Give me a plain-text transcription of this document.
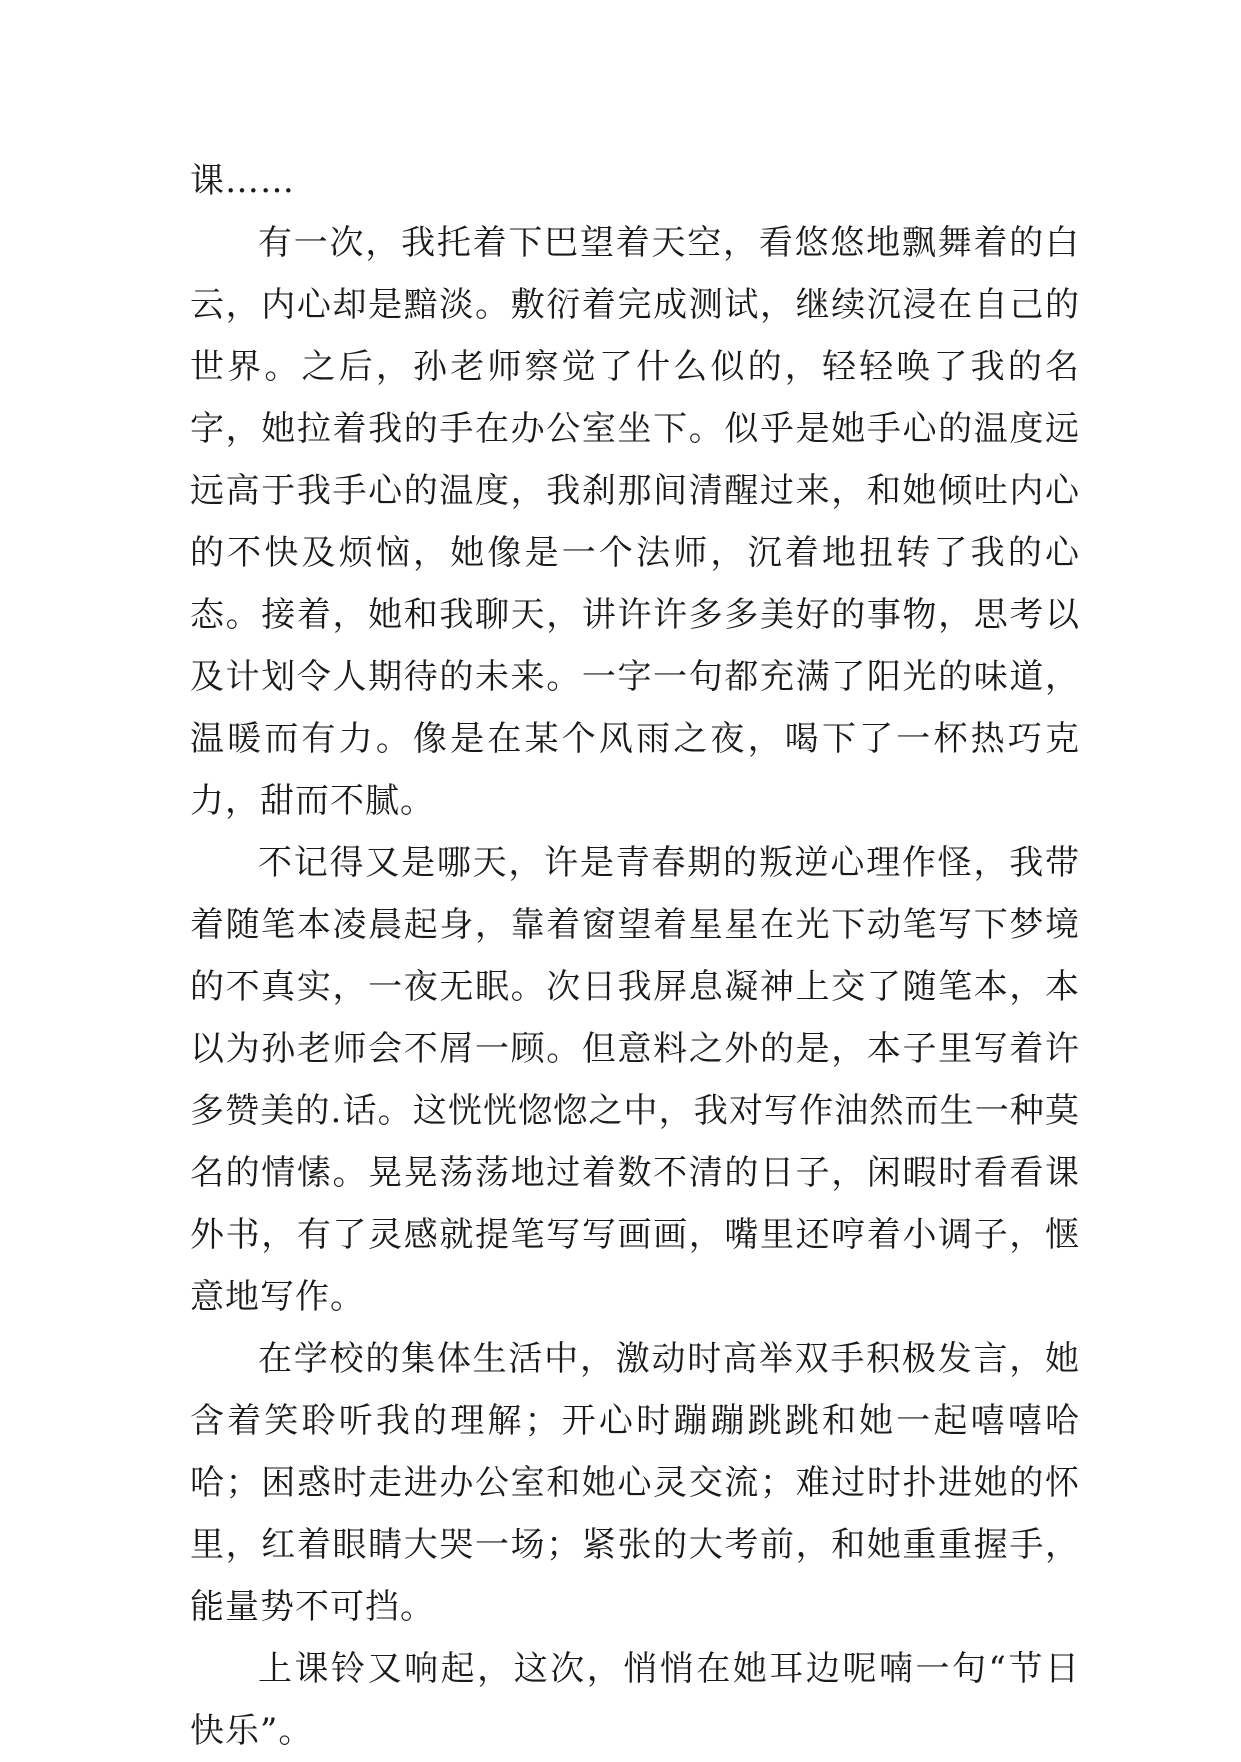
课……

有一次，我托着下巴望着天空，看悠悠地飘舞着的白云，内心却是黯淡。敷衍着完成测试，继续沉浸在自己的世界。之后，孙老师察觉了什么似的，轻轻唤了我的名字，她拉着我的手在办公室坐下。似乎是她手心的温度远远高于我手心的温度，我刹那间清醒过来，和她倾吐内心的不快及烦恼，她像是一个法师，沉着地扭转了我的心态。接着，她和我聊天，讲许许多多美好的事物，思考以及计划令人期待的未来。一字一句都充满了阳光的味道，温暖而有力。像是在某个风雨之夜，喝下了一杯热巧克力，甜而不腻。

不记得又是哪天，许是青春期的叛逆心理作怪，我带着随笔本凌晨起身，靠着窗望着星星在光下动笔写下梦境的不真实，一夜无眠。次日我屏息凝神上交了随笔本，本以为孙老师会不屑一顾。但意料之外的是，本子里写着许多赞美的.话。这恍恍惚惚之中，我对写作油然而生一种莫名的情愫。晃晃荡荡地过着数不清的日子，闲暇时看看课外书，有了灵感就提笔写写画画，嘴里还哼着小调子，惬意地写作。

在学校的集体生活中，激动时高举双手积极发言，她含着笑聆听我的理解；开心时蹦蹦跳跳和她一起嘻嘻哈哈；困惑时走进办公室和她心灵交流；难过时扑进她的怀里，红着眼睛大哭一场；紧张的大考前，和她重重握手，能量势不可挡。

上课铃又响起，这次，悄悄在她耳边呢喃一句“节日快乐”。
